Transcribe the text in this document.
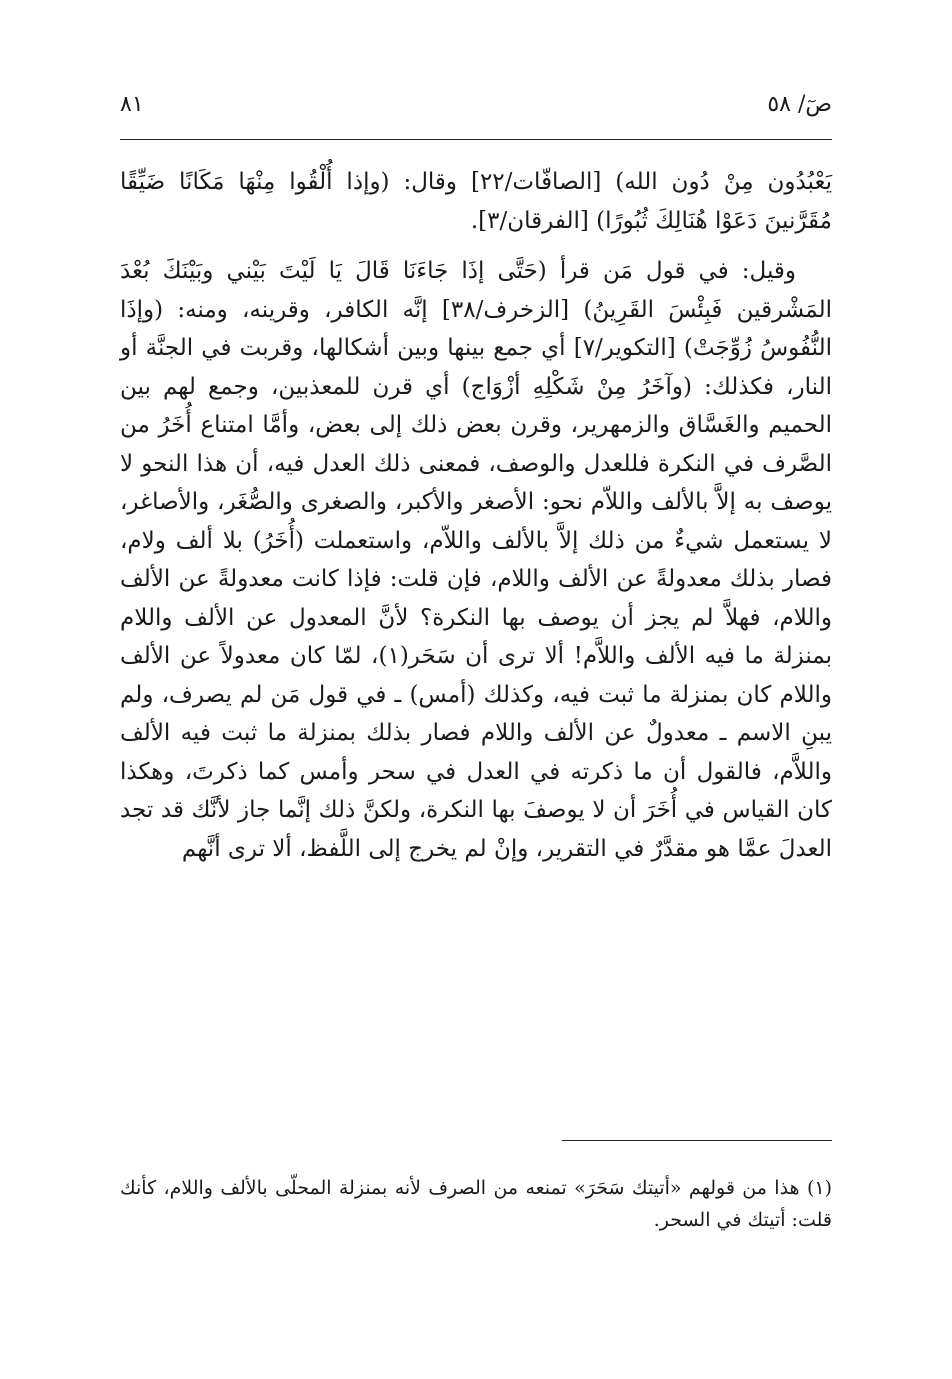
٨١	صٓ/ ٥٨

يَعْبُدُون مِنْ دُون الله) [الصافّات/٢٢] وقال: (وإذا أُلْقُوا مِنْهَا مَكَانًا ضَيِّقًا مُقَرَّنينَ دَعَوْا هُنَالِكَ ثُبُورًا) [الفرقان/٣].

وقيل: في قول مَن قرأ (حَتَّى إذَا جَاءَنَا قَالَ يَا لَيْتَ بَيْني وبَيْنَكَ بُعْدَ المَشْرقين فَبِئْسَ القَرِينُ) [الزخرف/٣٨] إنَّه الكافر، وقرينه، ومنه: (وإذَا النُّفُوسُ زُوِّجَتْ) [التكوير/٧] أي جمع بينها وبين أشكالها، وقربت في الجنَّة أو النار، فكذلك: (وآخَرُ مِنْ شَكْلِهِ أزْوَاج) أي قرن للمعذبين، وجمع لهم بين الحميم والغَسَّاق والزمهرير، وقرن بعض ذلك إلى بعض، وأمَّا امتناع أُخَرُ من الصَّرف في النكرة فللعدل والوصف، فمعنى ذلك العدل فيه، أن هذا النحو لا يوصف به إلاَّ بالألف واللاّم نحو: الأصغر والأكبر، والصغرى والصُّغَر، والأصاغر، لا يستعمل شيءٌ من ذلك إلاَّ بالألف واللاّم، واستعملت (أُخَرُ) بلا ألف ولام، فصار بذلك معدولةً عن الألف واللام، فإن قلت: فإذا كانت معدولةً عن الألف واللام، فهلاَّ لم يجز أن يوصف بها النكرة؟ لأنَّ المعدول عن الألف واللام بمنزلة ما فيه الألف واللاَّم! ألا ترى أن سَحَر(١)، لمّا كان معدولاً عن الألف واللام كان بمنزلة ما ثبت فيه، وكذلك (أمس) ـ في قول مَن لم يصرف، ولم يبنِ الاسم ـ معدولٌ عن الألف واللام فصار بذلك بمنزلة ما ثبت فيه الألف واللاَّم، فالقول أن ما ذكرته في العدل في سحر وأمس كما ذكرتَ، وهكذا كان القياس في أُخَرَ أن لا يوصفَ بها النكرة، ولكنَّ ذلك إنَّما جاز لأنَّك قد تجد العدلَ عمَّا هو مقدَّرٌ في التقرير، وإنْ لم يخرج إلى اللَّفظ، ألا ترى أنَّهم

(١) هذا من قولهم «أتيتك سَحَرَ» تمنعه من الصرف لأنه بمنزلة المحلّى بالألف واللام، كأنك قلت: أتيتك في السحر.
